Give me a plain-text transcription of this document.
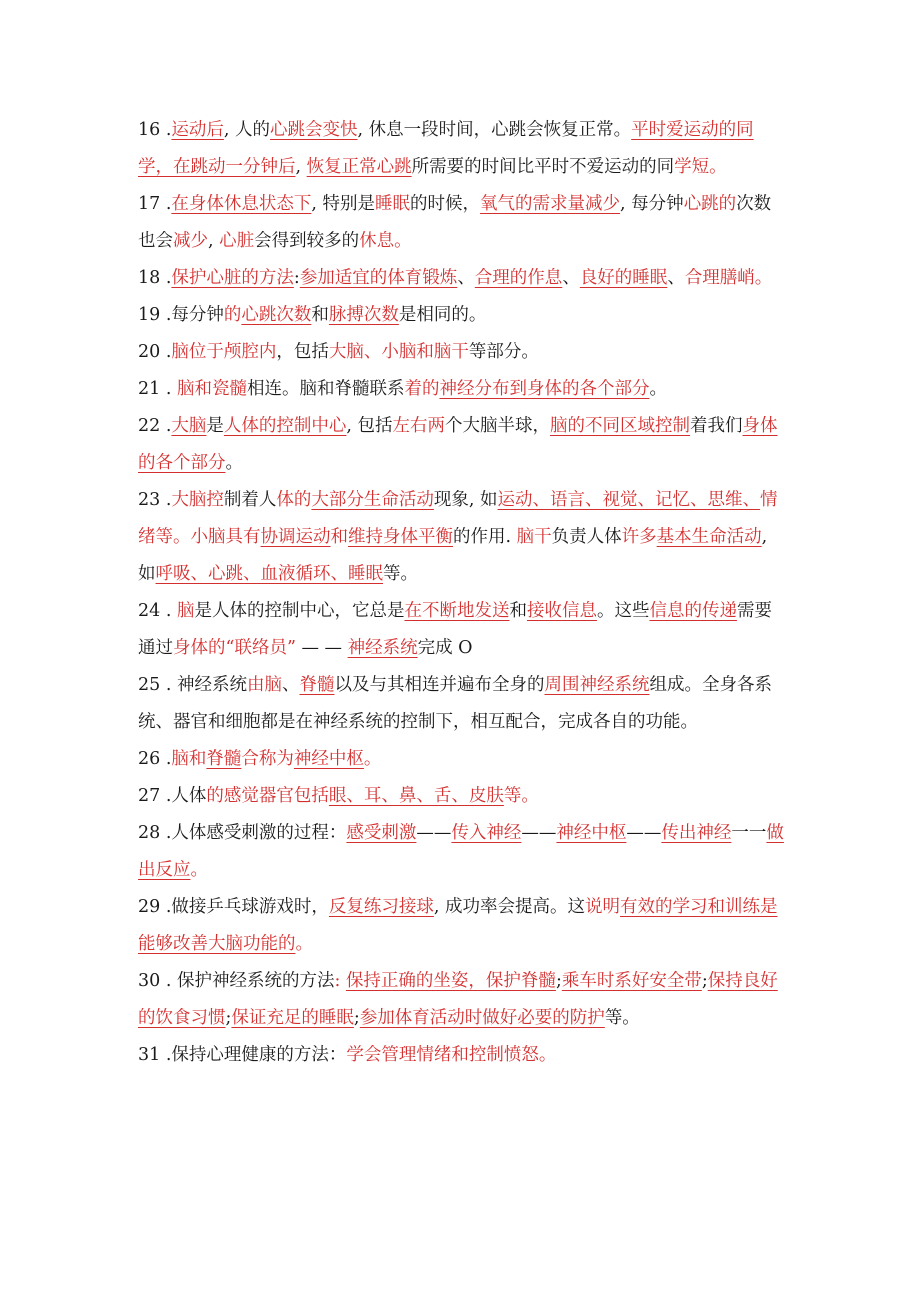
16 .运动后, 人的心跳会变快, 休息一段时间，心跳会恢复正常。平时爱运动的同学，在跳动一分钟后, 恢复正常心跳所需要的时间比平时不爱运动的同学短。

17 .在身体休息状态下, 特别是睡眠的时候，氧气的需求量减少, 每分钟心跳的次数也会减少, 心脏会得到较多的休息。

18 .保护心脏的方法:参加适宜的体育锻炼、合理的作息、良好的睡眠、合理膳峭。

19 .每分钟的心跳次数和脉搏次数是相同的。

20 .脑位于颅腔内，包括大脑、小脑和脑干等部分。

21 . 脑和瓷髓相连。脑和脊髓联系着的神经分布到身体的各个部分。

22 .大脑是人体的控制中心, 包括左右两个大脑半球，脑的不同区域控制着我们身体的各个部分。

23 .大脑控制着人体的大部分生命活动现象, 如运动、语言、视觉、记忆、思维、情绪等。小脑具有协调运动和维持身体平衡的作用. 脑干负责人体许多基本生命活动, 如呼吸、心跳、血液循环、睡眠等。

24 . 脑是人体的控制中心，它总是在不断地发送和接收信息。这些信息的传递需要通过身体的“联络员” — — 神经系统完成 O

25 . 神经系统由脑、脊髓以及与其相连并遍布全身的周围神经系统组成。全身各系统、器官和细胞都是在神经系统的控制下，相互配合，完成各自的功能。

26 .脑和脊髓合称为神经中枢。

27 .人体的感觉器官包括眼、耳、鼻、舌、皮肤等。

28 .人体感受刺激的过程：感受刺激——传入神经——神经中枢——传出神经一一做出反应。

29 .做接乒乓球游戏时，反复练习接球, 成功率会提高。这说明有效的学习和训练是能够改善大脑功能的。

30 . 保护神经系统的方法: 保持正确的坐姿，保护脊髓;乘车时系好安全带;保持良好的饮食习惯;保证充足的睡眠;参加体育活动时做好必要的防护等。

31 .保持心理健康的方法：学会管理情绪和控制愤怒。
